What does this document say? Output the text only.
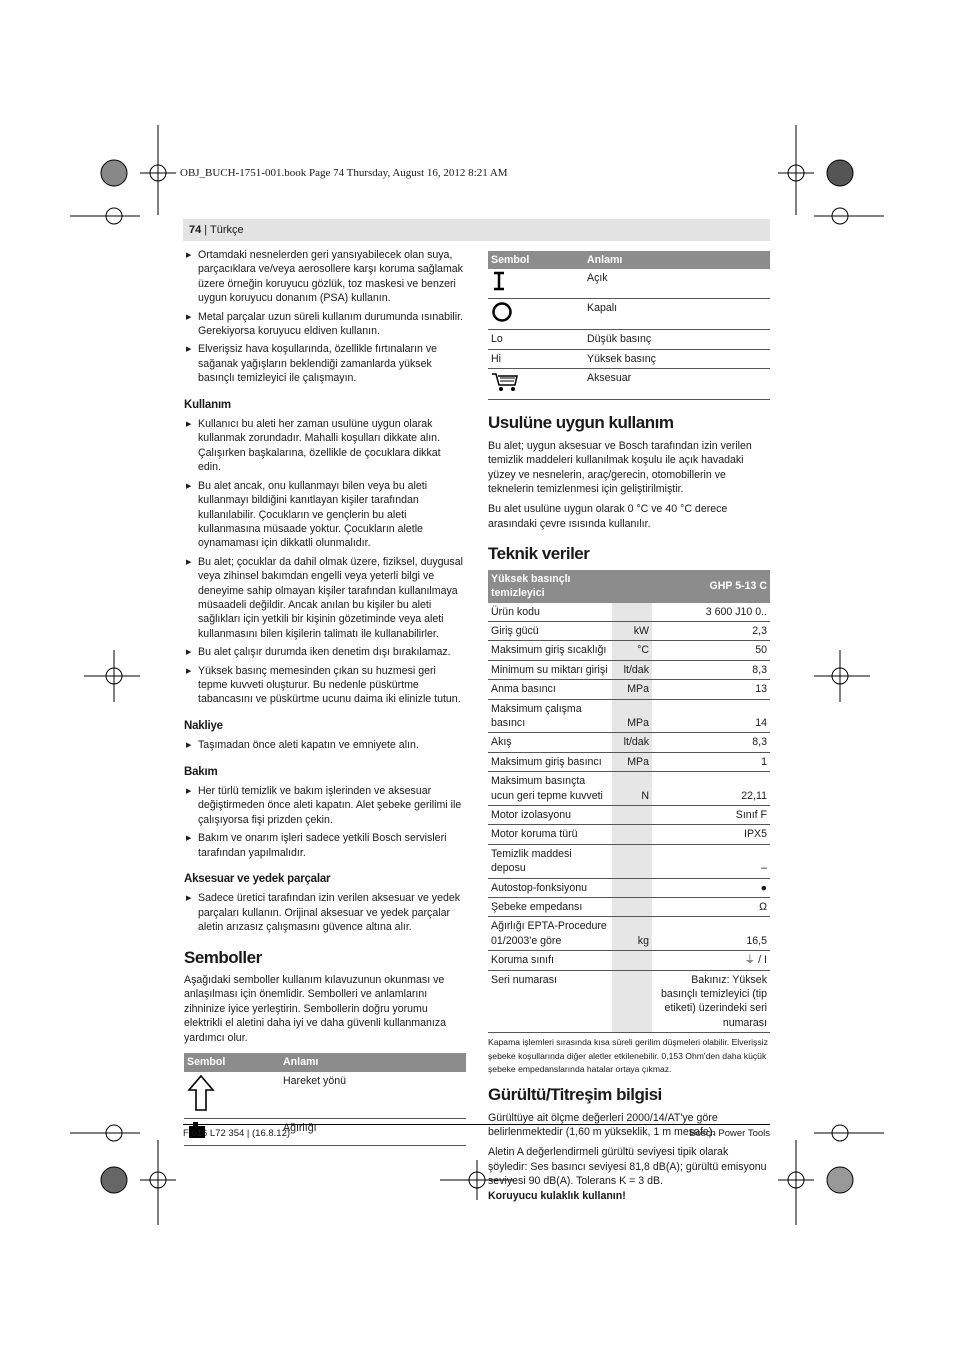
OBJ_BUCH-1751-001.book Page 74 Thursday, August 16, 2012 8:21 AM
74 | Türkçe
▶ Ortamdaki nesnelerden geri yansıyabilecek olan suya, parçacıklara ve/veya aerosollere karşı koruma sağlamak üzere örneğin koruyucu gözlük, toz maskesi ve benzeri uygun koruyucu donanım (PSA) kullanın.
▶ Metal parçalar uzun süreli kullanım durumunda ısınabilir. Gerekiyorsa koruyucu eldiven kullanın.
▶ Elverişsiz hava koşullarında, özellikle fırtınaların ve sağanak yağışların beklendiği zamanlarda yüksek basınçlı temizleyici ile çalışmayın.
Kullanım
▶ Kullanıcı bu aleti her zaman usulüne uygun olarak kullanmak zorundadır. Mahalli koşulları dikkate alın. Çalışırken başkalarına, özellikle de çocuklara dikkat edin.
▶ Bu alet ancak, onu kullanmayı bilen veya bu aleti kullanmayı bildiğini kanıtlayan kişiler tarafından kullanılabilir. Çocukların ve gençlerin bu aleti kullanmasına müsaade yoktur. Çocukların aletle oynamaması için dikkatli olunmalıdır.
▶ Bu alet; çocuklar da dahil olmak üzere, fiziksel, duygusal veya zihinsel bakımdan engelli veya yeterli bilgi ve deneyime sahip olmayan kişiler tarafından kullanılmaya müsaadeli değildir. Ancak anılan bu kişiler bu aleti sağlıkları için yetkili bir kişinin gözetiminde veya aleti kullanmasını bilen kişilerin talimatı ile kullanabilirler.
▶ Bu alet çalışır durumda iken denetim dışı bırakılamaz.
▶ Yüksek basınç memesinden çıkan su huzmesi geri tepme kuvveti oluşturur. Bu nedenle püskürtme tabancasını ve püskürtme ucunu daima iki elinizle tutun.
Nakliye
▶ Taşımadan önce aleti kapatın ve emniyete alın.
Bakım
▶ Her türlü temizlik ve bakım işlerinden ve aksesuar değiştirmeden önce aleti kapatın. Alet şebeke gerilimi ile çalışıyorsa fişi prizden çekin.
▶ Bakım ve onarım işleri sadece yetkili Bosch servisleri tarafından yapılmalıdır.
Aksesuar ve yedek parçalar
▶ Sadece üretici tarafından izin verilen aksesuar ve yedek parçaları kullanın. Orijinal aksesuar ve yedek parçalar aletin arızasız çalışmasını güvence altına alır.
Semboller
Aşağıdaki semboller kullanım kılavuzunun okunması ve anlaşılması için önemlidir. Sembolleri ve anlamlarını zihninize iyice yerleştirin. Sembollerin doğru yorumu elektrikli el aletini daha iyi ve daha güvenli kullanmanıza yardımcı olur.
Sembol	Anlamı
	Hareket yönü
	Ağırlığı
Sembol	Anlamı
	Açık
	Kapalı
Lo	Düşük basınç
Hi	Yüksek basınç
	Aksesuar
Usulüne uygun kullanım
Bu alet; uygun aksesuar ve Bosch tarafından izin verilen temizlik maddeleri kullanılmak koşulu ile açık havadaki yüzey ve nesnelerin, araç/gerecin, otomobillerin ve teknelerin temizlenmesi için geliştirilmiştir.
Bu alet usulüne uygun olarak 0 °C ve 40 °C derece arasındaki çevre ısısında kullanılır.
Teknik veriler
Yüksek basınçlı temizleyici		GHP 5-13 C
Ürün kodu		3 600 J10 0..
Giriş gücü	kW	2,3
Maksimum giriş sıcaklığı	°C	50
Minimum su miktarı girişi	lt/dak	8,3
Anma basıncı	MPa	13
Maksimum çalışma basıncı	MPa	14
Akış	lt/dak	8,3
Maksimum giriş basıncı	MPa	1
Maksimum basınçta ucun geri tepme kuvveti	N	22,11
Motor izolasyonu		Sınıf F
Motor koruma türü		IPX5
Temizlik maddesi deposu		–
Autostop-fonksiyonu		●
Şebeke empedansı		Ω
Ağırlığı EPTA-Procedure 01/2003'e göre	kg	16,5
Koruma sınıfı		⏚ / I
Seri numarası		Bakınız: Yüksek basınçlı temizleyici (tip etiketi) üzerindeki seri numarası
Kapama işlemleri sırasında kısa süreli gerilim düşmeleri olabilir. Elverişsiz şebeke koşullarında diğer aletler etkilenebilir. 0,153 Ohm'den daha küçük şebeke empedanslarında hatalar ortaya çıkmaz.
Gürültü/Titreşim bilgisi
Gürültüye ait ölçme değerleri 2000/14/AT'ye göre belirlenmektedir (1,60 m yükseklik, 1 m mesafe).
Aletin A değerlendirmeli gürültü seviyesi tipik olarak şöyledir: Ses basıncı seviyesi 81,8 dB(A); gürültü emisyonu seviyesi 90 dB(A). Tolerans K = 3 dB.
Koruyucu kulaklık kullanın!
F 016 L72 354 | (16.8.12)	Bosch Power Tools
